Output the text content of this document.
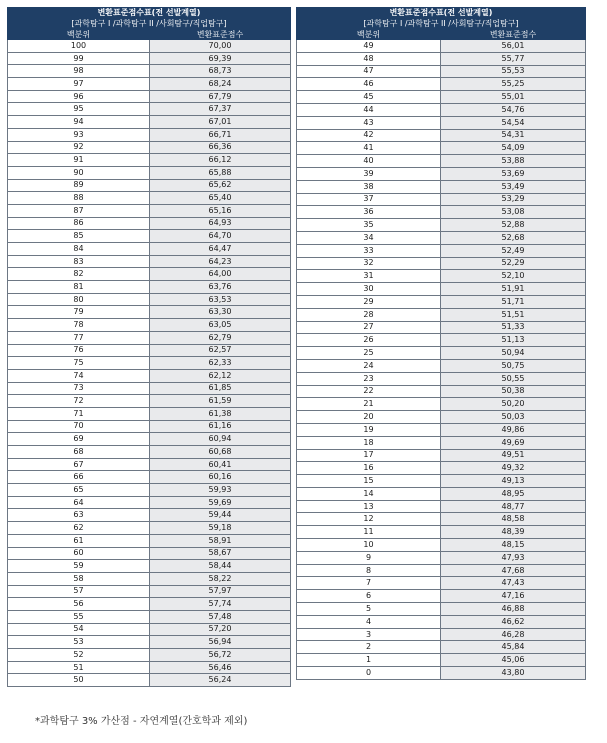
변환표준점수표(전 선발계열)	
[과학탐구 I /과학탐구 II /사회탐구/직업탐구]	
백분위	변환표준점수
100	70,00
99	69,39
98	68,73
97	68,24
96	67,79
95	67,37
94	67,01
93	66,71
92	66,36
91	66,12
90	65,88
89	65,62
88	65,40
87	65,16
86	64,93
85	64,70
84	64,47
83	64,23
82	64,00
81	63,76
80	63,53
79	63,30
78	63,05
77	62,79
76	62,57
75	62,33
74	62,12
73	61,85
72	61,59
71	61,38
70	61,16
69	60,94
68	60,68
67	60,41
66	60,16
65	59,93
64	59,69
63	59,44
62	59,18
61	58,91
60	58,67
59	58,44
58	58,22
57	57,97
56	57,74
55	57,48
54	57,20
53	56,94
52	56,72
51	56,46
50	56,24
변환표준점수표(전 선발계열)	
[과학탐구 I /과학탐구 II /사회탐구/직업탐구]	
백분위	변환표준점수
49	56,01
48	55,77
47	55,53
46	55,25
45	55,01
44	54,76
43	54,54
42	54,31
41	54,09
40	53,88
39	53,69
38	53,49
37	53,29
36	53,08
35	52,88
34	52,68
33	52,49
32	52,29
31	52,10
30	51,91
29	51,71
28	51,51
27	51,33
26	51,13
25	50,94
24	50,75
23	50,55
22	50,38
21	50,20
20	50,03
19	49,86
18	49,69
17	49,51
16	49,32
15	49,13
14	48,95
13	48,77
12	48,58
11	48,39
10	48,15
9	47,93
8	47,68
7	47,43
6	47,16
5	46,88
4	46,62
3	46,28
2	45,84
1	45,06
0	43,80
*과학탐구 3% 가산점 - 자연계열(간호학과 제외)
